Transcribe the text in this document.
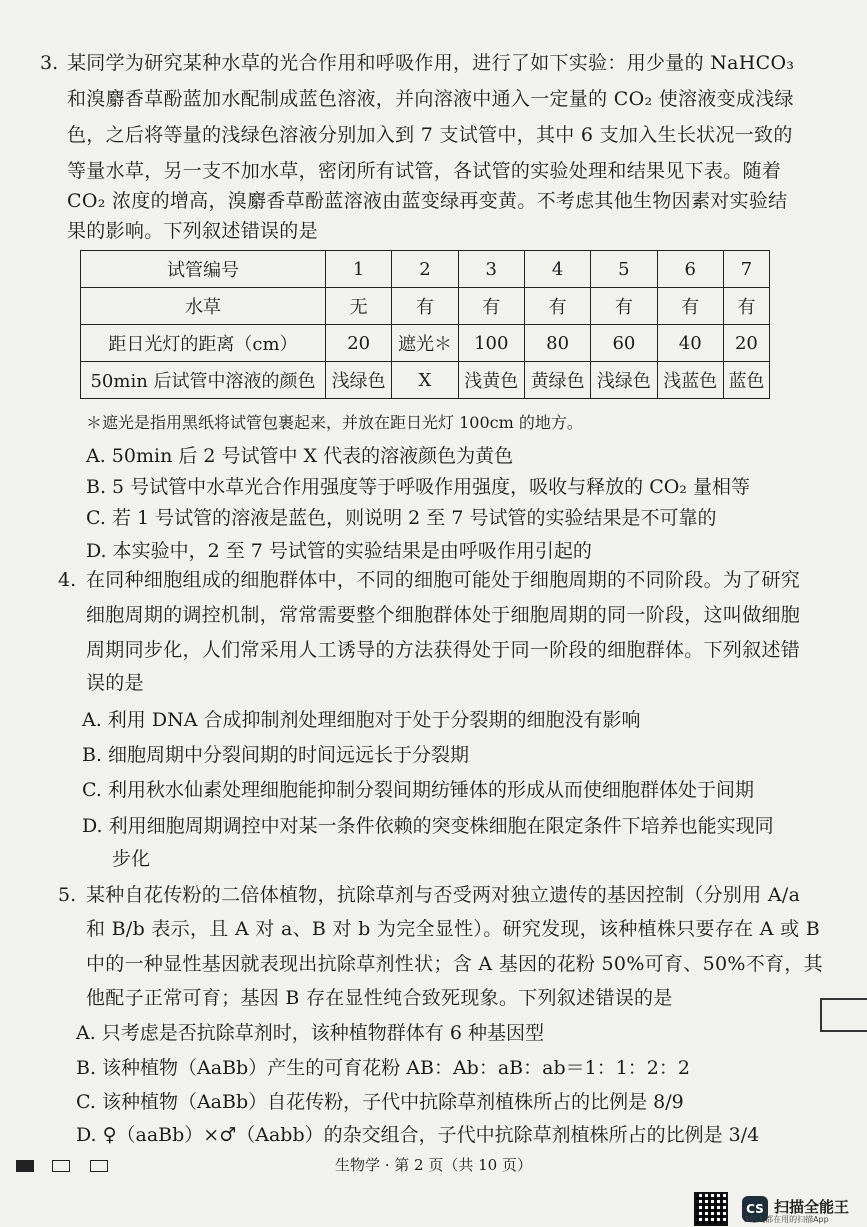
3. 某同学为研究某种水草的光合作用和呼吸作用，进行了如下实验：用少量的 NaHCO₃
和溴麝香草酚蓝加水配制成蓝色溶液，并向溶液中通入一定量的 CO₂ 使溶液变成浅绿
色，之后将等量的浅绿色溶液分别加入到 7 支试管中，其中 6 支加入生长状况一致的
等量水草，另一支不加水草，密闭所有试管，各试管的实验处理和结果见下表。随着
CO₂ 浓度的增高，溴麝香草酚蓝溶液由蓝变绿再变黄。不考虑其他生物因素对实验结
果的影响。下列叙述错误的是
试管编号	1	2	3	4	5	6	7
水草	无	有	有	有	有	有	有
距日光灯的距离（cm）	20	遮光＊	100	80	60	40	20
50min 后试管中溶液的颜色	浅绿色	X	浅黄色	黄绿色	浅绿色	浅蓝色	蓝色
＊遮光是指用黑纸将试管包裹起来，并放在距日光灯 100cm 的地方。
A. 50min 后 2 号试管中 X 代表的溶液颜色为黄色
B. 5 号试管中水草光合作用强度等于呼吸作用强度，吸收与释放的 CO₂ 量相等
C. 若 1 号试管的溶液是蓝色，则说明 2 至 7 号试管的实验结果是不可靠的
D. 本实验中，2 至 7 号试管的实验结果是由呼吸作用引起的
4. 在同种细胞组成的细胞群体中，不同的细胞可能处于细胞周期的不同阶段。为了研究
细胞周期的调控机制，常常需要整个细胞群体处于细胞周期的同一阶段，这叫做细胞
周期同步化，人们常采用人工诱导的方法获得处于同一阶段的细胞群体。下列叙述错
误的是
A. 利用 DNA 合成抑制剂处理细胞对于处于分裂期的细胞没有影响
B. 细胞周期中分裂间期的时间远远长于分裂期
C. 利用秋水仙素处理细胞能抑制分裂间期纺锤体的形成从而使细胞群体处于间期
D. 利用细胞周期调控中对某一条件依赖的突变株细胞在限定条件下培养也能实现同
步化
5. 某种自花传粉的二倍体植物，抗除草剂与否受两对独立遗传的基因控制（分别用 A/a
和 B/b 表示，且 A 对 a、B 对 b 为完全显性）。研究发现，该种植株只要存在 A 或 B
中的一种显性基因就表现出抗除草剂性状；含 A 基因的花粉 50%可育、50%不育，其
他配子正常可育；基因 B 存在显性纯合致死现象。下列叙述错误的是
A. 只考虑是否抗除草剂时，该种植物群体有 6 种基因型
B. 该种植物（AaBb）产生的可育花粉 AB：Ab：aB：ab＝1：1：2：2
C. 该种植物（AaBb）自花传粉，子代中抗除草剂植株所占的比例是 8/9
D. ♀（aaBb）×♂（Aabb）的杂交组合，子代中抗除草剂植株所占的比例是 3/4
生物学 · 第 2 页（共 10 页）
CS 扫描全能王
3亿人都在用的扫描App
